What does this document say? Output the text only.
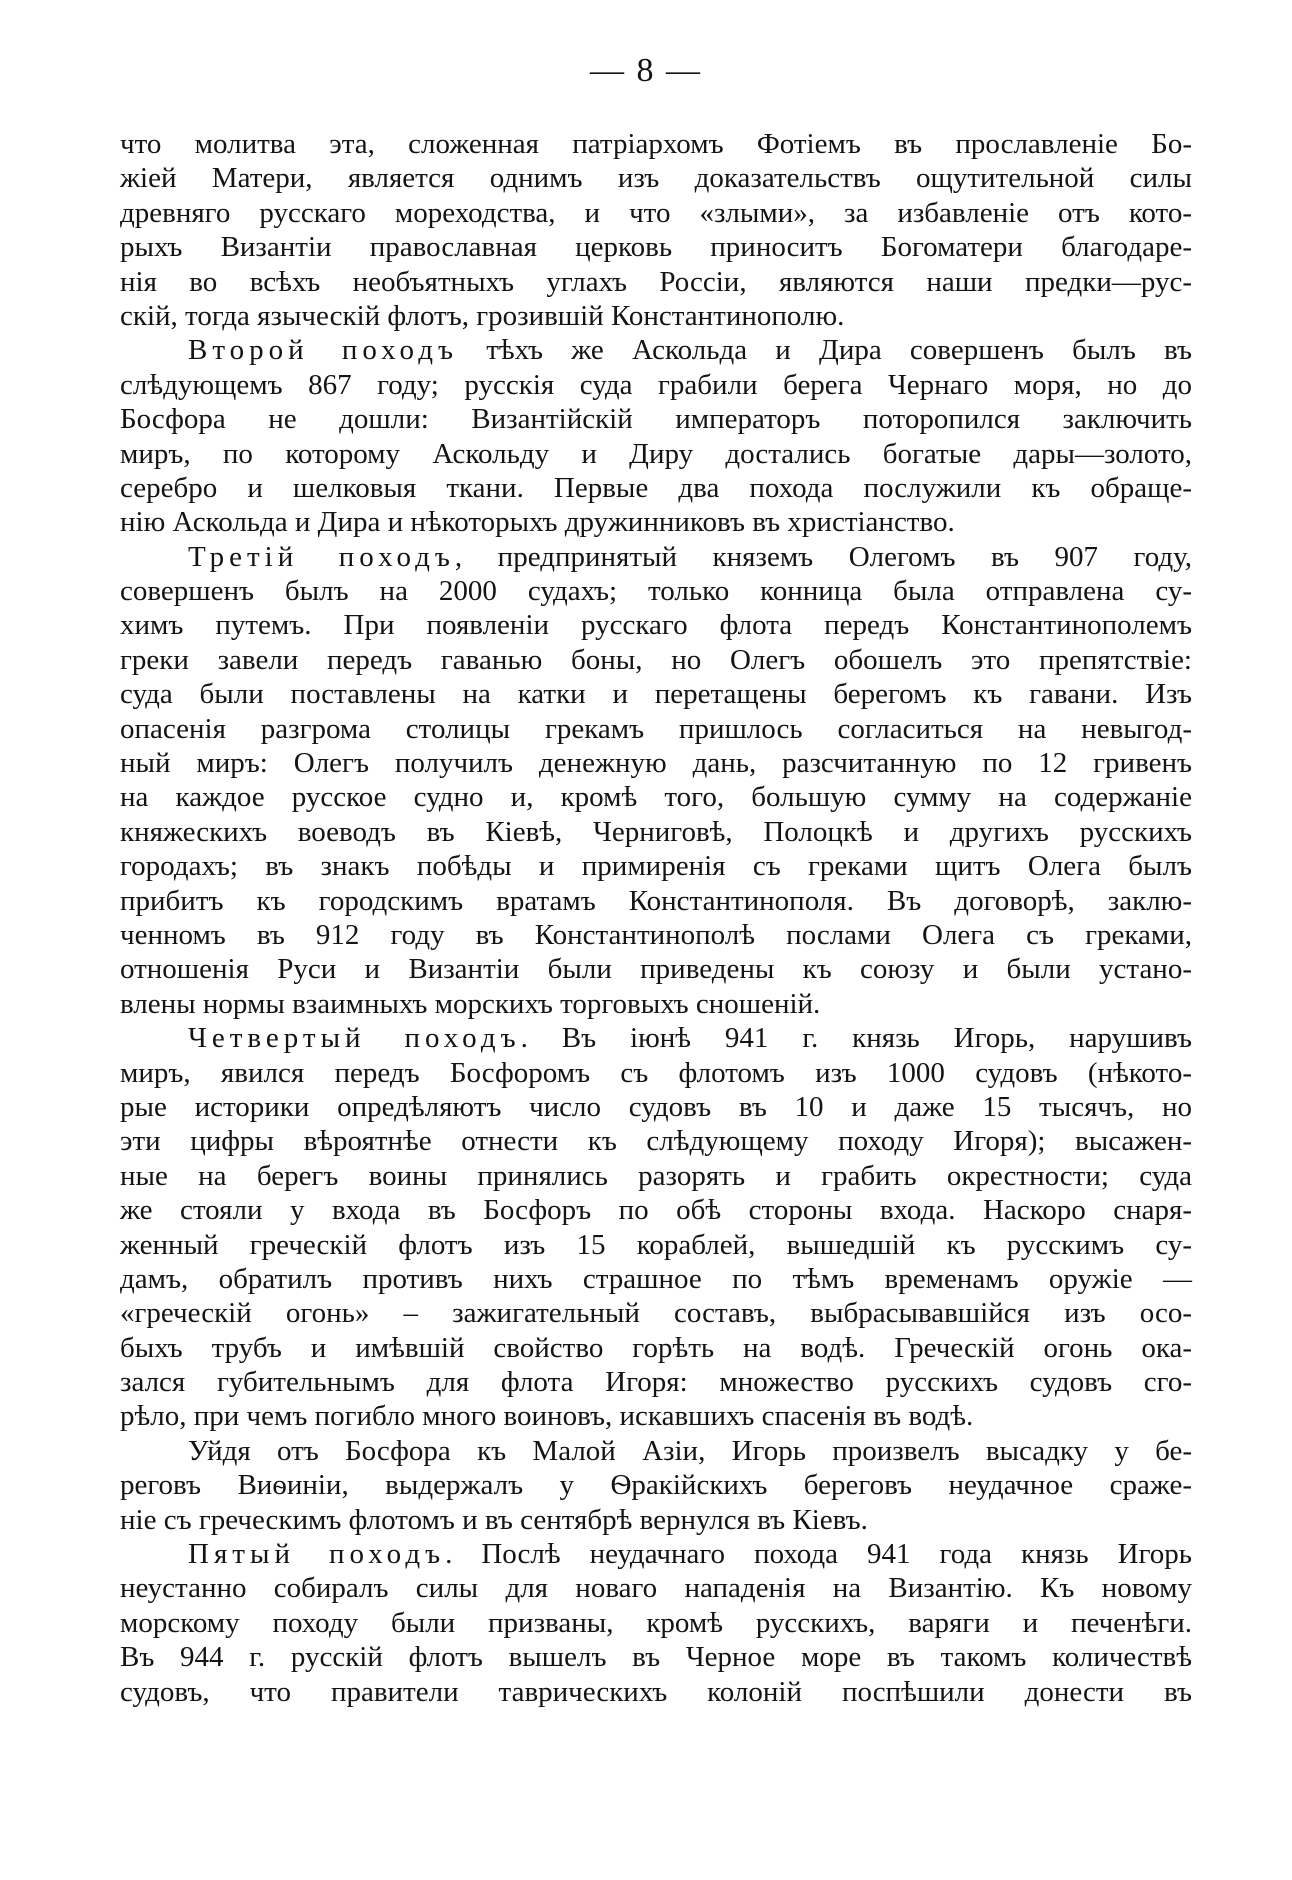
— 8 —
что молитва эта, сложенная патріархомъ Фотіемъ въ прославленіе Бо-
жіей Матери, является однимъ изъ доказательствъ ощутительной силы
древняго русскаго мореходства, и что «злыми», за избавленіе отъ кото-
рыхъ Византіи православная церковь приноситъ Богоматери благодаре-
нія во всѣхъ необъятныхъ углахъ Россіи, являются наши предки—рус-
скій, тогда языческій флотъ, грозившій Константинополю.
Второй походъ тѣхъ же Аскольда и Дира совершенъ былъ въ
слѣдующемъ 867 году; русскія суда грабили берега Чернаго моря, но до
Босфора не дошли: Византійскій императоръ поторопился заключить
миръ, по которому Аскольду и Диру достались богатые дары—золото,
серебро и шелковыя ткани. Первые два похода послужили къ обраще-
нію Аскольда и Дира и нѣкоторыхъ дружинниковъ въ христіанство.
Третій походъ, предпринятый княземъ Олегомъ въ 907 году,
совершенъ былъ на 2000 судахъ; только конница была отправлена су-
химъ путемъ. При появленіи русскаго флота передъ Константинополемъ
греки завели передъ гаванью боны, но Олегъ обошелъ это препятствіе:
суда были поставлены на катки и перетащены берегомъ къ гавани. Изъ
опасенія разгрома столицы грекамъ пришлось согласиться на невыгод-
ный миръ: Олегъ получилъ денежную дань, разсчитанную по 12 гривенъ
на каждое русское судно и, кромѣ того, большую сумму на содержаніе
княжескихъ воеводъ въ Кіевѣ, Черниговѣ, Полоцкѣ и другихъ русскихъ
городахъ; въ знакъ побѣды и примиренія съ греками щитъ Олега былъ
прибитъ къ городскимъ вратамъ Константинополя. Въ договорѣ, заклю-
ченномъ въ 912 году въ Константинополѣ послами Олега съ греками,
отношенія Руси и Византіи были приведены къ союзу и были устано-
влены нормы взаимныхъ морскихъ торговыхъ сношеній.
Четвертый походъ. Въ іюнѣ 941 г. князь Игорь, нарушивъ
миръ, явился передъ Босфоромъ съ флотомъ изъ 1000 судовъ (нѣкото-
рые историки опредѣляютъ число судовъ въ 10 и даже 15 тысячъ, но
эти цифры вѣроятнѣе отнести къ слѣдующему походу Игоря); высажен-
ные на берегъ воины принялись разорять и грабить окрестности; суда
же стояли у входа въ Босфоръ по обѣ стороны входа. Наскоро снаря-
женный греческій флотъ изъ 15 кораблей, вышедшій къ русскимъ су-
дамъ, обратилъ противъ нихъ страшное по тѣмъ временамъ оружіе —
«греческій огонь» – зажигательный составъ, выбрасывавшійся изъ осо-
быхъ трубъ и имѣвшій свойство горѣть на водѣ. Греческій огонь ока-
зался губительнымъ для флота Игоря: множество русскихъ судовъ сго-
рѣло, при чемъ погибло много воиновъ, искавшихъ спасенія въ водѣ.
Уйдя отъ Босфора къ Малой Азіи, Игорь произвелъ высадку у бе-
реговъ Виѳиніи, выдержалъ у Ѳракійскихъ береговъ неудачное сраже-
ніе съ греческимъ флотомъ и въ сентябрѣ вернулся въ Кіевъ.
Пятый походъ. Послѣ неудачнаго похода 941 года князь Игорь
неустанно собиралъ силы для новаго нападенія на Византію. Къ новому
морскому походу были призваны, кромѣ русскихъ, варяги и печенѣги.
Въ 944 г. русскій флотъ вышелъ въ Черное море въ такомъ количествѣ
судовъ, что правители таврическихъ колоній поспѣшили донести въ
